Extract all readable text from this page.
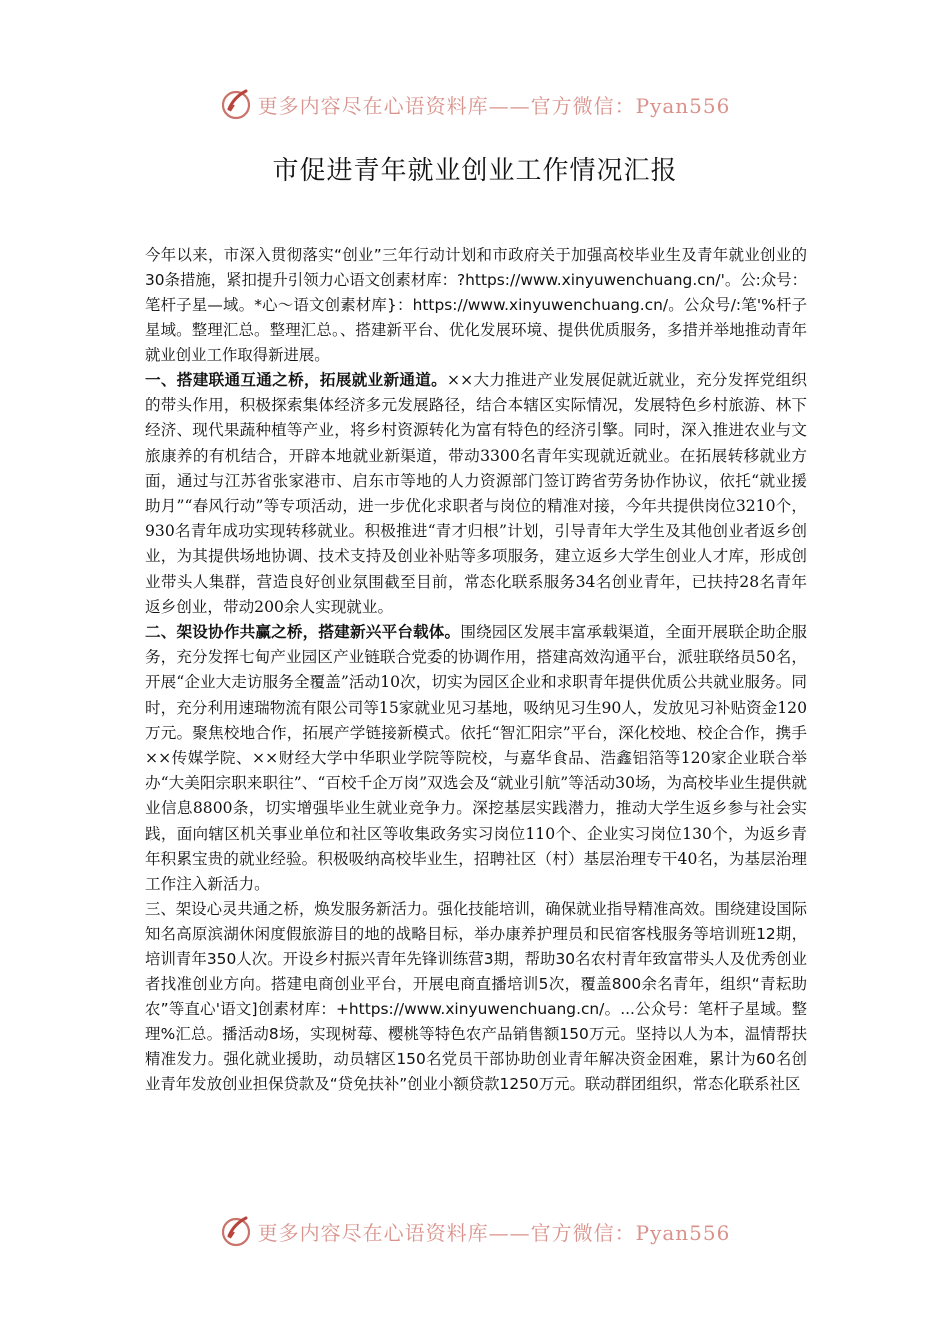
更多内容尽在心语资料库——官方微信：Pyan556
市促进青年就业创业工作情况汇报

今年以来，市深入贯彻落实“创业”三年行动计划和市政府关于加强高校毕业生及青年就业创业的30条措施，紧扣提升引领力心语文创素材库：?https://www.xinyuwenchuang.cn/'。公:众号：笔杆子星—域。*心～语文创素材库}：https://www.xinyuwenchuang.cn/。公众号/:笔'%杆子星域。整理汇总。整理汇总。、搭建新平台、优化发展环境、提供优质服务，多措并举地推动青年就业创业工作取得新进展。

一、搭建联通互通之桥，拓展就业新通道。××大力推进产业发展促就近就业，充分发挥党组织的带头作用，积极探索集体经济多元发展路径，结合本辖区实际情况，发展特色乡村旅游、林下经济、现代果蔬种植等产业，将乡村资源转化为富有特色的经济引擎。同时，深入推进农业与文旅康养的有机结合，开辟本地就业新渠道，带动3300名青年实现就近就业。在拓展转移就业方面，通过与江苏省张家港市、启东市等地的人力资源部门签订跨省劳务协作协议，依托“就业援助月”“春风行动”等专项活动，进一步优化求职者与岗位的精准对接，今年共提供岗位3210个，930名青年成功实现转移就业。积极推进“青才归根”计划，引导青年大学生及其他创业者返乡创业，为其提供场地协调、技术支持及创业补贴等多项服务，建立返乡大学生创业人才库，形成创业带头人集群，营造良好创业氛围截至目前，常态化联系服务34名创业青年，已扶持28名青年返乡创业，带动200余人实现就业。

二、架设协作共赢之桥，搭建新兴平台载体。围绕园区发展丰富承载渠道，全面开展联企助企服务，充分发挥七甸产业园区产业链联合党委的协调作用，搭建高效沟通平台，派驻联络员50名，开展“企业大走访服务全覆盖”活动10次，切实为园区企业和求职青年提供优质公共就业服务。同时，充分利用速瑞物流有限公司等15家就业见习基地，吸纳见习生90人，发放见习补贴资金120万元。聚焦校地合作，拓展产学链接新模式。依托“智汇阳宗”平台，深化校地、校企合作，携手××传媒学院、××财经大学中华职业学院等院校，与嘉华食品、浩鑫铝箔等120家企业联合举办“大美阳宗职来职往”、“百校千企万岗”双选会及“就业引航”等活动30场，为高校毕业生提供就业信息8800条，切实增强毕业生就业竞争力。深挖基层实践潜力，推动大学生返乡参与社会实践，面向辖区机关事业单位和社区等收集政务实习岗位110个、企业实习岗位130个，为返乡青年积累宝贵的就业经验。积极吸纳高校毕业生，招聘社区（村）基层治理专干40名，为基层治理工作注入新活力。

三、架设心灵共通之桥，焕发服务新活力。强化技能培训，确保就业指导精准高效。围绕建设国际知名高原滨湖休闲度假旅游目的地的战略目标，举办康养护理员和民宿客栈服务等培训班12期，培训青年350人次。开设乡村振兴青年先锋训练营3期，帮助30名农村青年致富带头人及优秀创业者找准创业方向。搭建电商创业平台，开展电商直播培训5次，覆盖800余名青年，组织“青耘助农”等直心'语文]创素材库：+https://www.xinyuwenchuang.cn/。...公众号：笔杆子星域。整理%汇总。播活动8场，实现树莓、樱桃等特色农产品销售额150万元。坚持以人为本，温情帮扶精准发力。强化就业援助，动员辖区150名党员干部协助创业青年解决资金困难，累计为60名创业青年发放创业担保贷款及“贷免扶补”创业小额贷款1250万元。联动群团组织，常态化联系社区

更多内容尽在心语资料库——官方微信：Pyan556
